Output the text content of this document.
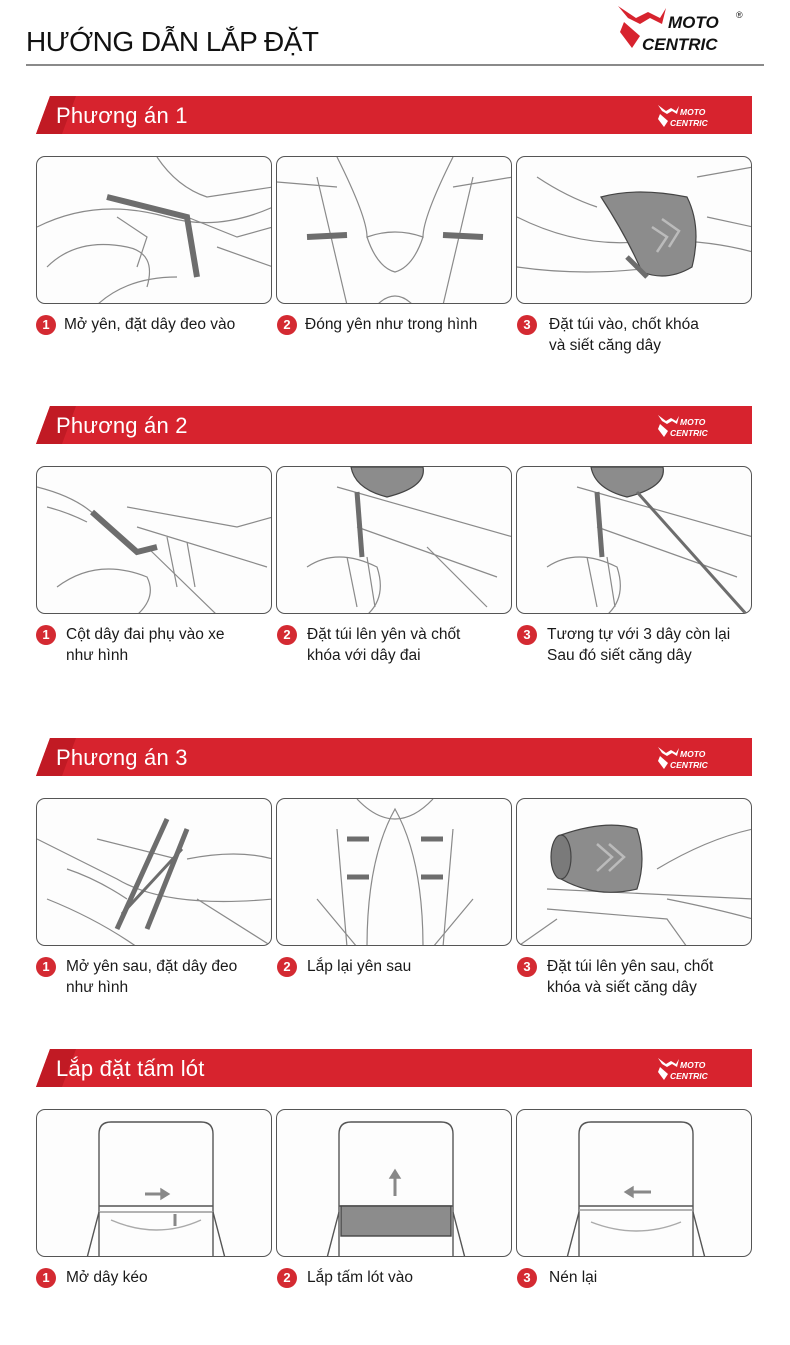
HƯỚNG DẪN LẮP ĐẶT
MOTO
CENTRIC
®
Phương án 1	MOTO
CENTRIC
1 Mở yên, đặt dây đeo vào	2 Đóng yên như trong hình	3	Đặt túi vào, chốt khóa
và siết căng dây
Phương án 2	MOTO
CENTRIC
1	Cột dây đai phụ vào xe
như hình
2	Đặt túi lên yên và chốt
khóa với dây đai
3	Tương tự với 3 dây còn lại
Sau đó siết căng dây
Phương án 3	MOTO
CENTRIC
1	Mở yên sau, đặt dây đeo
như hình
2	Lắp lại yên sau	3	Đặt túi lên yên sau, chốt
khóa và siết căng dây
Lắp đặt tấm lót	MOTO
CENTRIC
1	Mở dây kéo	2	Lắp tấm lót vào	3	Nén lại
